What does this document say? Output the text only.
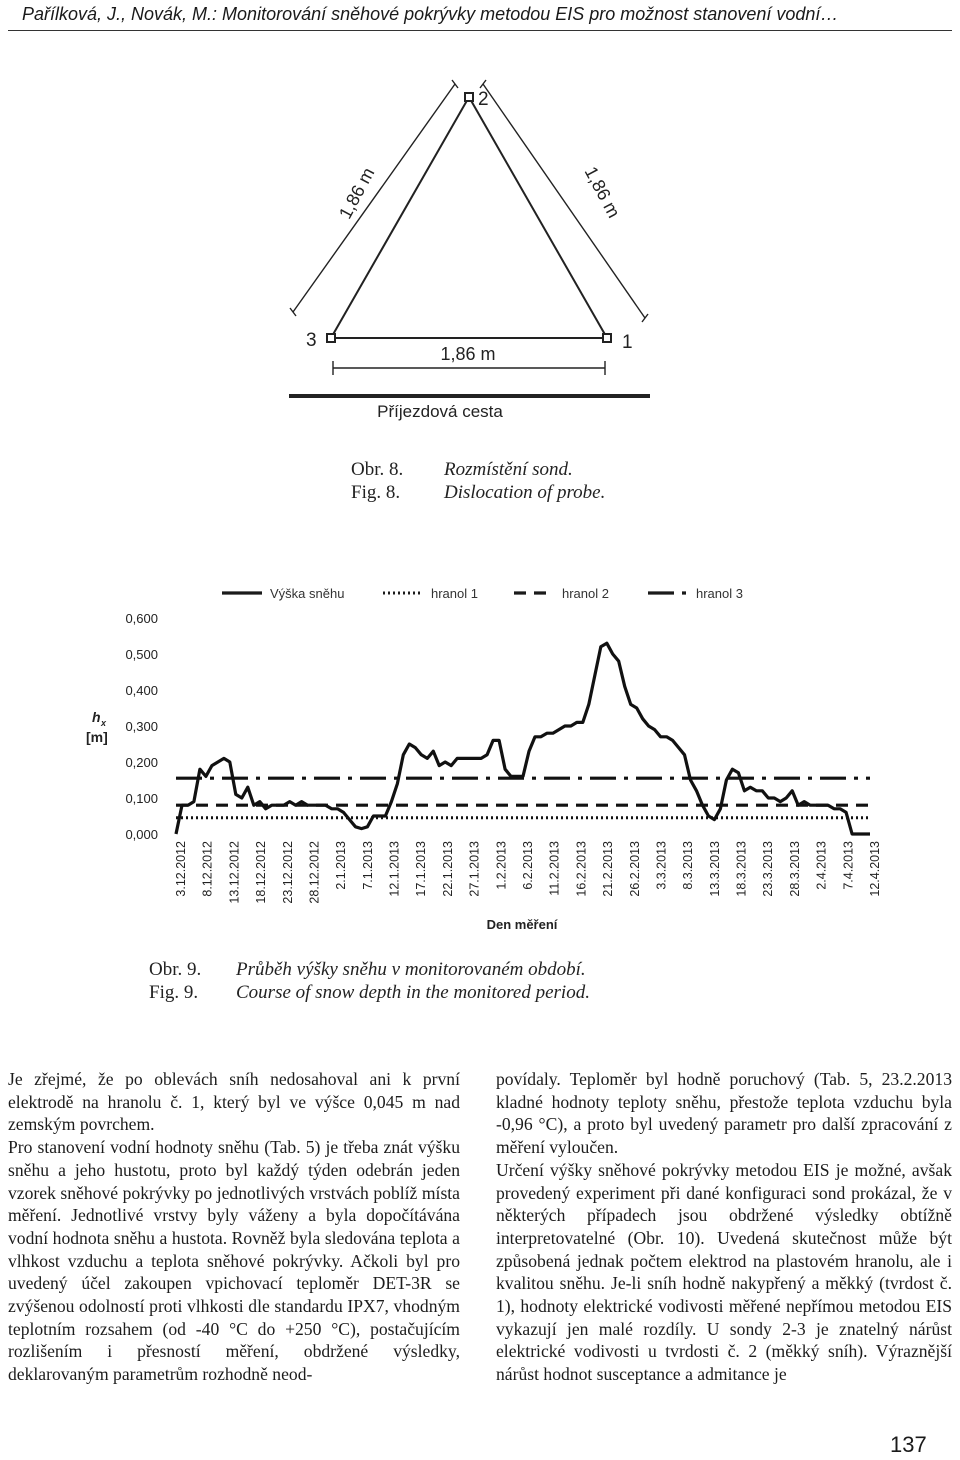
Pařílková, J., Novák, M.: Monitorování sněhové pokrývky metodou EIS pro možnost stanovení vodní…
2
3	1
1,86 m	1,86 m
1,86 m
Příjezdová cesta
Obr. 8. Rozmístění sond.
Fig. 8. Dislocation of probe.
0,000
0,100
0,200
0,300
0,400
0,500
0,600
h x
[m]
3.12.2012 8.12.2012 13.12.2012 18.12.2012 23.12.2012 28.12.2012 2.1.2013 7.1.2013 12.1.2013 17.1.2013 22.1.2013 27.1.2013 1.2.2013 6.2.2013 11.2.2013 16.2.2013 21.2.2013 26.2.2013 3.3.2013 8.3.2013 13.3.2013 18.3.2013 23.3.2013 28.3.2013 2.4.2013 7.4.2013 12.4.2013
Den měření
Výška sněhu	hranol 1	hranol 2	hranol 3
Obr. 9. Průběh výšky sněhu v monitorovaném období.
Fig. 9. Course of snow depth in the monitored period.

Je zřejmé, že po oblevách sníh nedosahoval ani k první elektrodě na hranolu č. 1, který byl ve výšce 0,045 m nad zemským povrchem.

Pro stanovení vodní hodnoty sněhu (Tab. 5) je třeba znát výšku sněhu a jeho hustotu, proto byl každý týden odebrán jeden vzorek sněhové pokrývky po jednotlivých vrstvách poblíž místa měření. Jednotlivé vrstvy byly váženy a byla dopočítávána vodní hodnota sněhu a hustota. Rovněž byla sledována teplota a vlhkost vzduchu a teplota sněhové pokrývky. Ačkoli byl pro uvedený účel zakoupen vpichovací teploměr DET-3R se zvýšenou odolností proti vlhkosti dle standardu IPX7, vhodným teplotním rozsahem (od -40 °C do +250 °C), postačujícím rozlišením i přesností měření, obdržené výsledky, deklarovaným parametrům rozhodně neod-

povídaly. Teploměr byl hodně poruchový (Tab. 5, 23.2.2013 kladné hodnoty teploty sněhu, přestože teplota vzduchu byla -0,96 °C), a proto byl uvedený parametr pro další zpracování z měření vyloučen.

Určení výšky sněhové pokrývky metodou EIS je možné, avšak provedený experiment při dané konfiguraci sond prokázal, že v některých případech jsou obdržené výsledky obtížně interpretovatelné (Obr. 10). Uvedená skutečnost může být způsobená jednak počtem elektrod na plastovém hranolu, ale i kvalitou sněhu. Je-li sníh hodně nakypřený a měkký (tvrdost č. 1), hodnoty elektrické vodivosti měřené nepřímou metodou EIS vykazují jen malé rozdíly. U sondy 2-3 je znatelný nárůst elektrické vodivosti u tvrdosti č. 2 (měkký sníh). Výraznější nárůst hodnot susceptance a admitance je

137
